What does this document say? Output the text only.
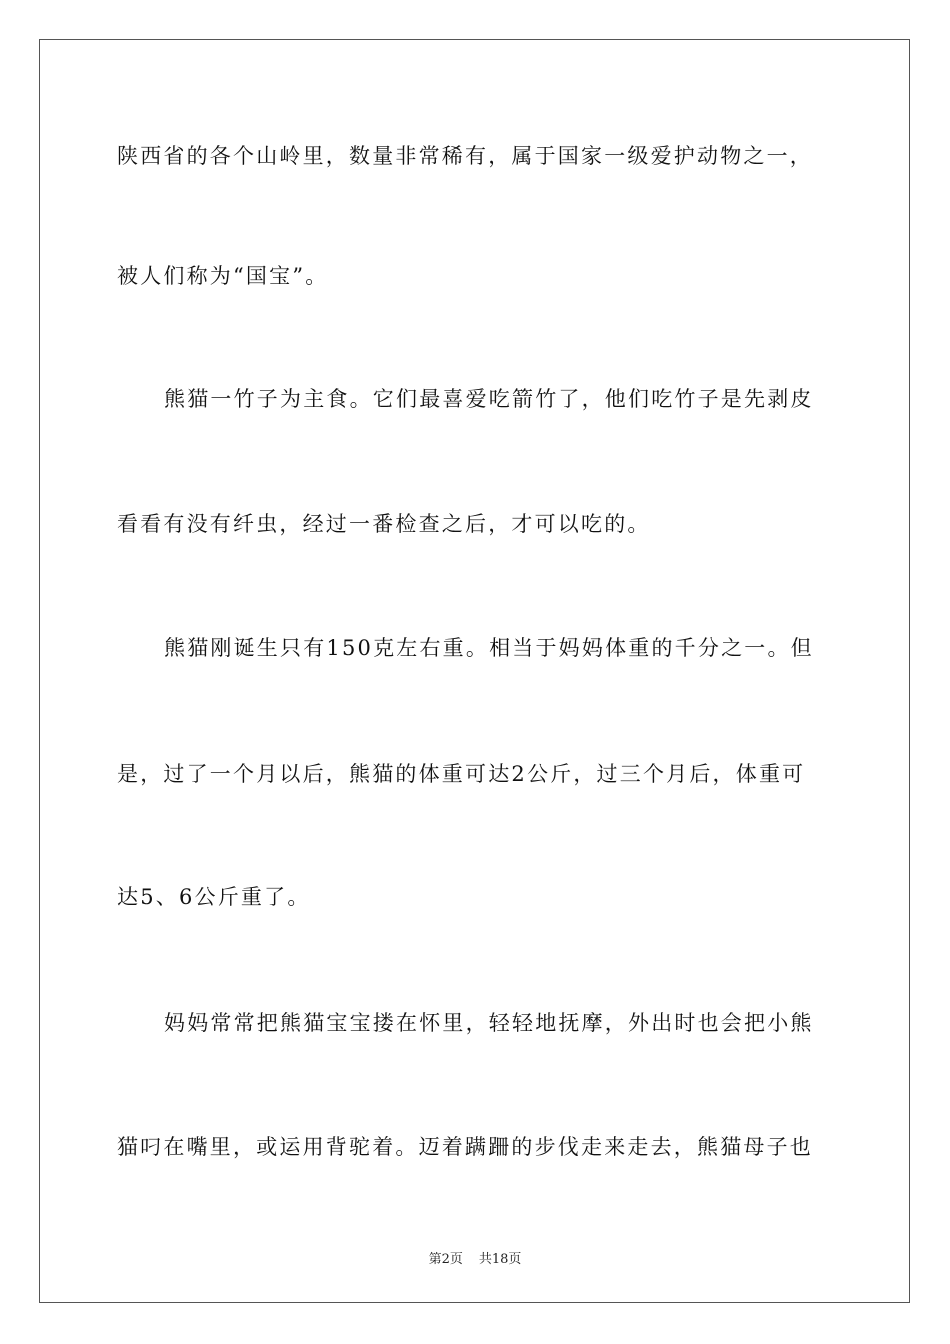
陕西省的各个山岭里，数量非常稀有，属于国家一级爱护动物之一，
被人们称为“国宝”。
熊猫一竹子为主食。它们最喜爱吃箭竹了，他们吃竹子是先剥皮
看看有没有纤虫，经过一番检查之后，才可以吃的。
熊猫刚诞生只有150克左右重。相当于妈妈体重的千分之一。但
是，过了一个月以后，熊猫的体重可达2公斤，过三个月后，体重可
达5、6公斤重了。
妈妈常常把熊猫宝宝搂在怀里，轻轻地抚摩，外出时也会把小熊
猫叼在嘴里，或运用背驼着。迈着蹒跚的步伐走来走去，熊猫母子也
第2页 共18页
